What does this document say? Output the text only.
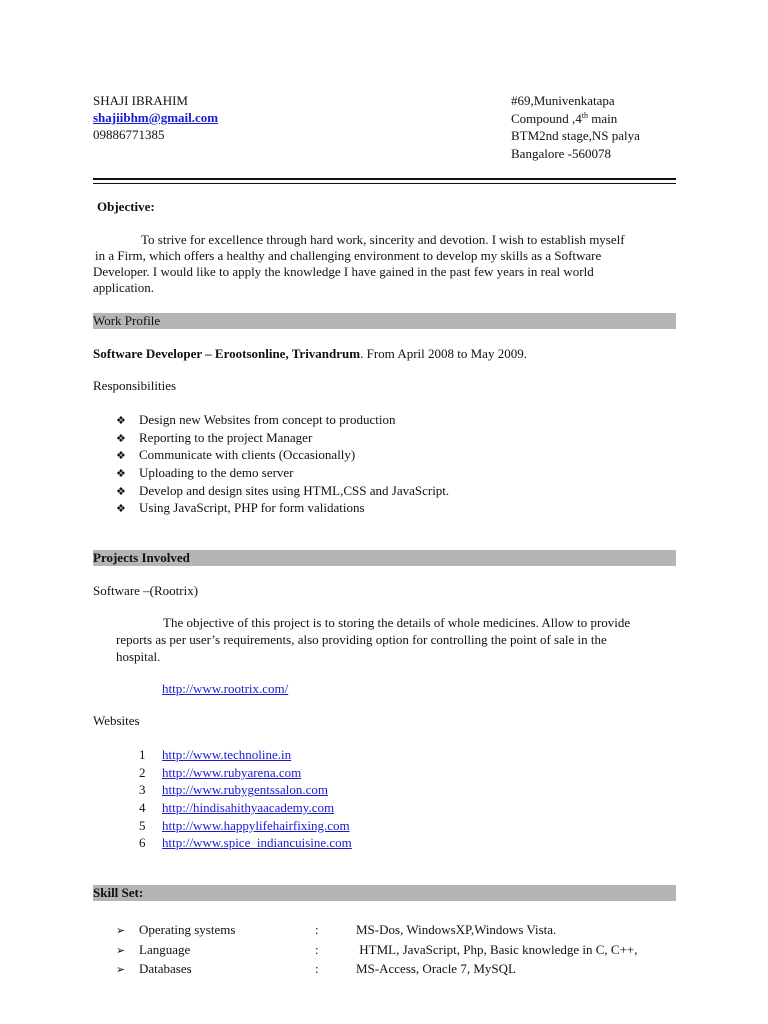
SHAJI IBRAHIM
shajiibhm@gmail.com
09886771385
#69,Munivenkatapa
Compound ,4th main
BTM2nd stage,NS palya
Bangalore -560078
Objective:
To strive for excellence through hard work, sincerity and devotion. I wish to establish myself
in a Firm, which offers a healthy and challenging environment to develop my skills as a Software
Developer. I would like to apply the knowledge I have gained in the past few years in real world
application.
Work Profile
Software Developer – Erootsonline, Trivandrum. From April 2008 to May 2009.
Responsibilities
❖ Design new Websites from concept to production
❖ Reporting to the project Manager
❖ Communicate with clients (Occasionally)
❖ Uploading to the demo server
❖ Develop and design sites using HTML,CSS and JavaScript.
❖ Using JavaScript, PHP for form validations
Projects Involved
Software –(Rootrix)
The objective of this project is to storing the details of whole medicines. Allow to provide
reports as per user’s requirements, also providing option for controlling the point of sale in the
hospital.
http://www.rootrix.com/
Websites
1 http://www.technoline.in
2 http://www.rubyarena.com
3 http://www.rubygentssalon.com
4 http://hindisahithyaacademy.com
5 http://www.happylifehairfixing.com
6 http://www.spice_indiancuisine.com
Skill Set:
➢ Operating systems	:	MS-Dos, WindowsXP,Windows Vista.
➢ Language	:	HTML, JavaScript, Php, Basic knowledge in C, C++,
➢ Databases	:	MS-Access, Oracle 7, MySQL
